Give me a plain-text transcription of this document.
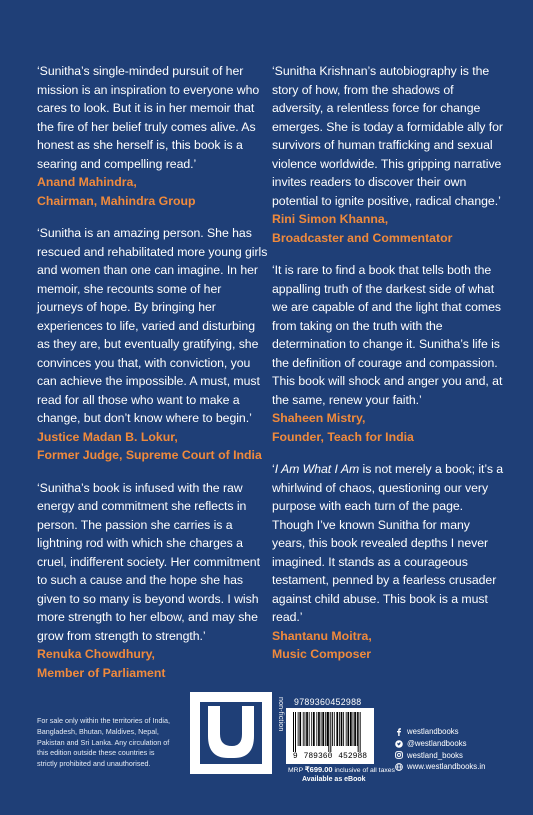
‘Sunitha’s single-minded pursuit of her mission is an inspiration to everyone who cares to look. But it is in her memoir that the fire of her belief truly comes alive. As honest as she herself is, this book is a searing and compelling read.’

Anand Mahindra,

Chairman, Mahindra Group

‘Sunitha is an amazing person. She has rescued and rehabilitated more young girls and women than one can imagine. In her memoir, she recounts some of her journeys of hope. By bringing her experiences to life, varied and disturbing as they are, but eventually gratifying, she convinces you that, with conviction, you can achieve the impossible. A must, must read for all those who want to make a change, but don’t know where to begin.’

Justice Madan B. Lokur,

Former Judge, Supreme Court of India

‘Sunitha’s book is infused with the raw energy and commitment she reflects in person. The passion she carries is a lightning rod with which she charges a cruel, indifferent society. Her commitment to such a cause and the hope she has given to so many is beyond words. I wish more strength to her elbow, and may she grow from strength to strength.’

Renuka Chowdhury,

Member of Parliament

‘Sunitha Krishnan’s autobiography is the story of how, from the shadows of adversity, a relentless force for change emerges. She is today a formidable ally for survivors of human trafficking and sexual violence worldwide. This gripping narrative invites readers to discover their own potential to ignite positive, radical change.’

Rini Simon Khanna,

Broadcaster and Commentator

‘It is rare to find a book that tells both the appalling truth of the darkest side of what we are capable of and the light that comes from taking on the truth with the determination to change it. Sunitha’s life is the definition of courage and compassion. This book will shock and anger you and, at the same, renew your faith.’

Shaheen Mistry,

Founder, Teach for India

‘I Am What I Am is not merely a book; it’s a whirlwind of chaos, questioning our very purpose with each turn of the page. Though I’ve known Sunitha for many years, this book revealed depths I never imagined. It stands as a courageous testament, penned by a fearless crusader against child abuse. This book is a must read.’

Shantanu Moitra,

Music Composer

For sale only within the territories of India, Bangladesh, Bhutan, Maldives, Nepal, Pakistan and Sri Lanka. Any circulation of this edition outside these countries is strictly prohibited and unauthorised.
non-fiction 9789360452988
9 789360 452988
MRP ₹699.00 inclusive of all taxes
Available as eBook
westlandbooks
@westlandbooks
westland_books
www.westlandbooks.in
